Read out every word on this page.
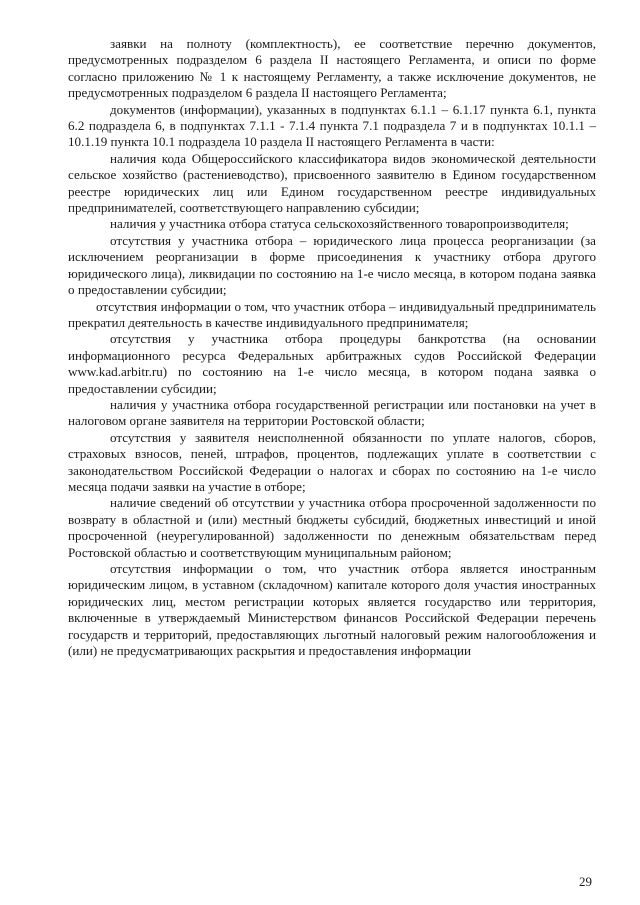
заявки на полноту (комплектность), ее соответствие перечню документов, предусмотренных подразделом 6 раздела II настоящего Регламента, и описи по форме согласно приложению № 1 к настоящему Регламенту, а также исключение документов, не предусмотренных подразделом 6 раздела II настоящего Регламента;

документов (информации), указанных в подпунктах 6.1.1 – 6.1.17 пункта 6.1, пункта 6.2 подраздела 6, в подпунктах 7.1.1 - 7.1.4 пункта 7.1 подраздела 7 и в подпунктах 10.1.1 – 10.1.19 пункта 10.1 подраздела 10 раздела II настоящего Регламента в части:

наличия кода Общероссийского классификатора видов экономической деятельности сельское хозяйство (растениеводство), присвоенного заявителю в Едином государственном реестре юридических лиц или Едином государственном реестре индивидуальных предпринимателей, соответствующего направлению субсидии;

наличия у участника отбора статуса сельскохозяйственного товаропроизводителя;

отсутствия у участника отбора – юридического лица процесса реорганизации (за исключением реорганизации в форме присоединения к участнику отбора другого юридического лица), ликвидации по состоянию на 1-е число месяца, в котором подана заявка о предоставлении субсидии;

отсутствия информации о том, что участник отбора – индивидуальный предприниматель прекратил деятельность в качестве индивидуального предпринимателя;

отсутствия у участника отбора процедуры банкротства (на основании информационного ресурса Федеральных арбитражных судов Российской Федерации www.kad.arbitr.ru) по состоянию на 1-е число месяца, в котором подана заявка о предоставлении субсидии;

наличия у участника отбора государственной регистрации или постановки на учет в налоговом органе заявителя на территории Ростовской области;

отсутствия у заявителя неисполненной обязанности по уплате налогов, сборов, страховых взносов, пеней, штрафов, процентов, подлежащих уплате в соответствии с законодательством Российской Федерации о налогах и сборах по состоянию на 1-е число месяца подачи заявки на участие в отборе;

наличие сведений об отсутствии у участника отбора просроченной задолженности по возврату в областной и (или) местный бюджеты субсидий, бюджетных инвестиций и иной просроченной (неурегулированной) задолженности по денежным обязательствам перед Ростовской областью и соответствующим муниципальным районом;

отсутствия информации о том, что участник отбора является иностранным юридическим лицом, в уставном (складочном) капитале которого доля участия иностранных юридических лиц, местом регистрации которых является государство или территория, включенные в утверждаемый Министерством финансов Российской Федерации перечень государств и территорий, предоставляющих льготный налоговый режим налогообложения и (или) не предусматривающих раскрытия и предоставления информации

29
